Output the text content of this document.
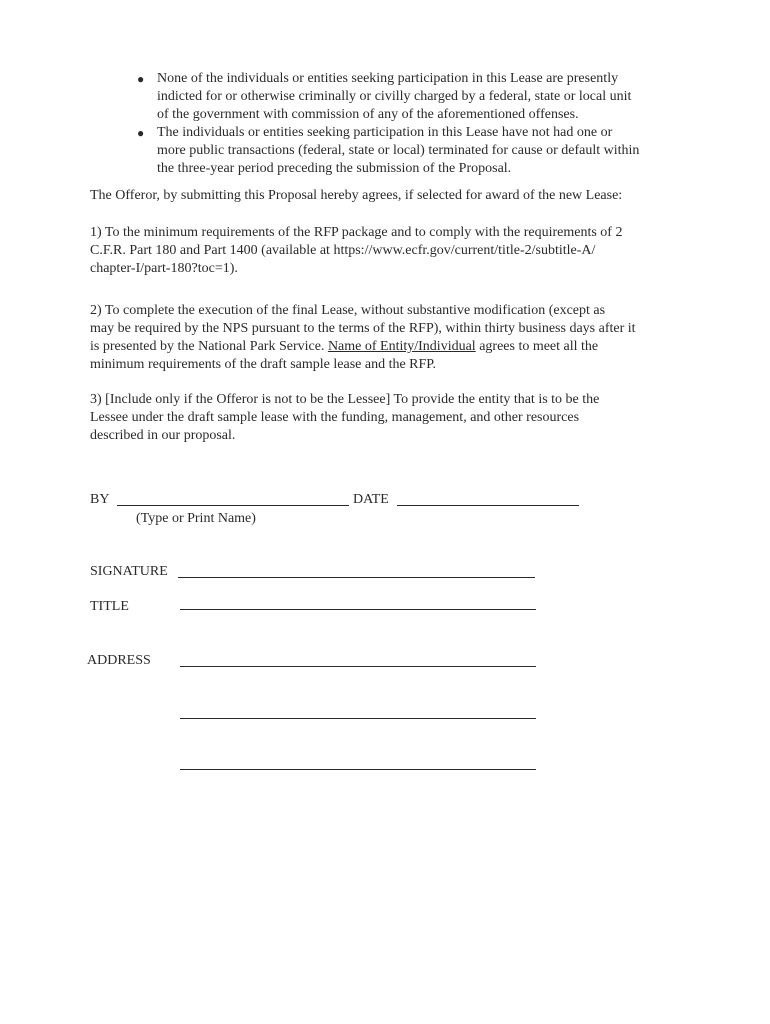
● None of the individuals or entities seeking participation in this Lease are presently
indicted for or otherwise criminally or civilly charged by a federal, state or local unit
of the government with commission of any of the aforementioned offenses.
● The individuals or entities seeking participation in this Lease have not had one or
more public transactions (federal, state or local) terminated for cause or default within
the three-year period preceding the submission of the Proposal.
The Offeror, by submitting this Proposal hereby agrees, if selected for award of the new Lease:
1) To the minimum requirements of the RFP package and to comply with the requirements of 2
C.F.R. Part 180 and Part 1400 (available at https://www.ecfr.gov/current/title-2/subtitle-A/
chapter-I/part-180?toc=1).
2) To complete the execution of the final Lease, without substantive modification (except as
may be required by the NPS pursuant to the terms of the RFP), within thirty business days after it
is presented by the National Park Service. Name of Entity/Individual agrees to meet all the
minimum requirements of the draft sample lease and the RFP.
3) [Include only if the Offeror is not to be the Lessee] To provide the entity that is to be the
Lessee under the draft sample lease with the funding, management, and other resources
described in our proposal.
BY	DATE
(Type or Print Name)
SIGNATURE
TITLE
ADDRESS
